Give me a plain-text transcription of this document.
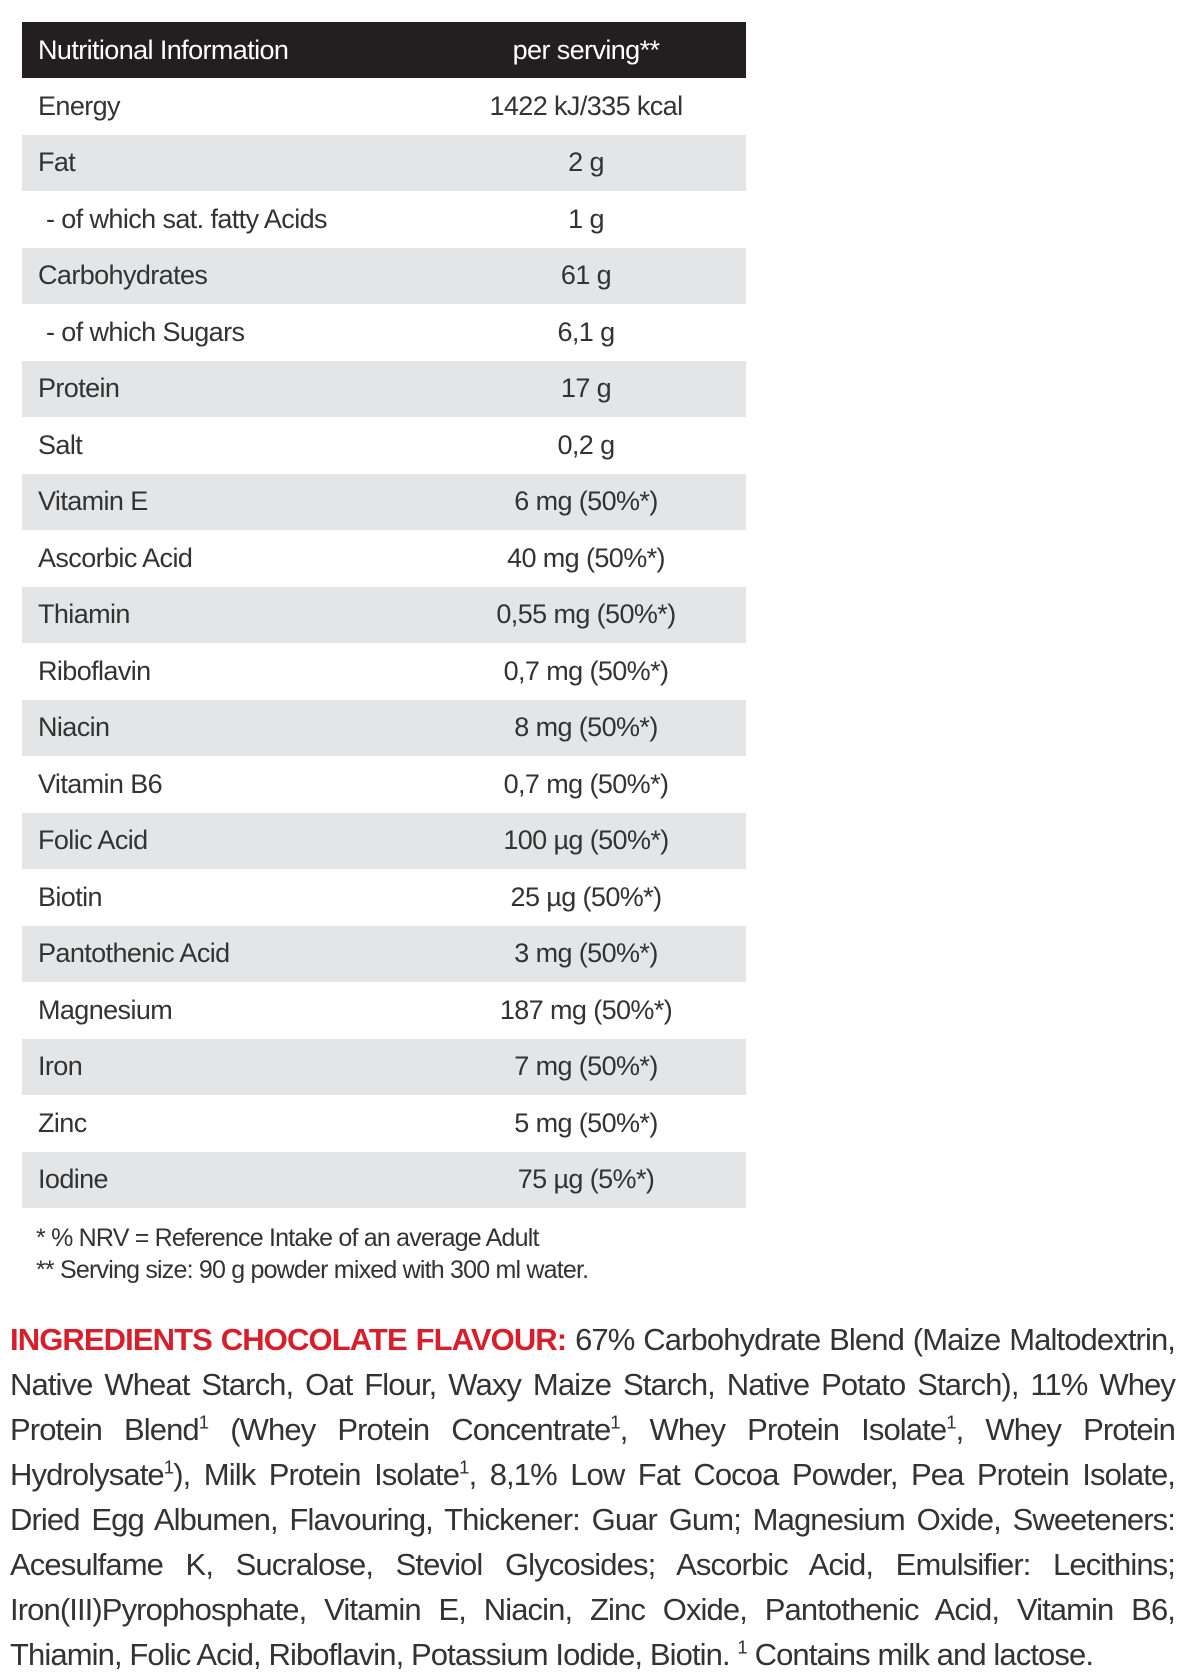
Nutritional Information	per serving**
Energy	1422 kJ/335 kcal
Fat	2 g
- of which sat. fatty Acids	1 g
Carbohydrates	61 g
- of which Sugars	6,1 g
Protein	17 g
Salt	0,2 g
Vitamin E	6 mg (50%*)
Ascorbic Acid	40 mg (50%*)
Thiamin	0,55 mg (50%*)
Riboflavin	0,7 mg (50%*)
Niacin	8 mg (50%*)
Vitamin B6	0,7 mg (50%*)
Folic Acid	100 µg (50%*)
Biotin	25 µg (50%*)
Pantothenic Acid	3 mg (50%*)
Magnesium	187 mg (50%*)
Iron	7 mg (50%*)
Zinc	5 mg (50%*)
Iodine	75 µg (5%*)
* % NRV = Reference Intake of an average Adult
** Serving size: 90 g powder mixed with 300 ml water.
INGREDIENTS CHOCOLATE FLAVOUR: 67% Carbohydrate Blend (Maize Maltodextrin, Native Wheat Starch, Oat Flour, Waxy Maize Starch, Native Potato Starch), 11% Whey Protein Blend$^1$ (Whey Protein Concentrate$^1$, Whey Protein Isolate$^1$, Whey Protein Hydrolysate$^1$), Milk Protein Isolate$^1$, 8,1% Low Fat Cocoa Powder, Pea Protein Isolate, Dried Egg Albumen, Flavouring, Thickener: Guar Gum; Magnesium Oxide, Sweeteners: Acesulfame K, Sucralose, Steviol Glycosides; Ascorbic Acid, Emulsifier: Lecithins; Iron(III)Pyrophosphate, Vitamin E, Niacin, Zinc Oxide, Pantothenic Acid, Vitamin B6, Thiamin, Folic Acid, Riboflavin, Potassium Iodide, Biotin. $^1$ Contains milk and lactose.
